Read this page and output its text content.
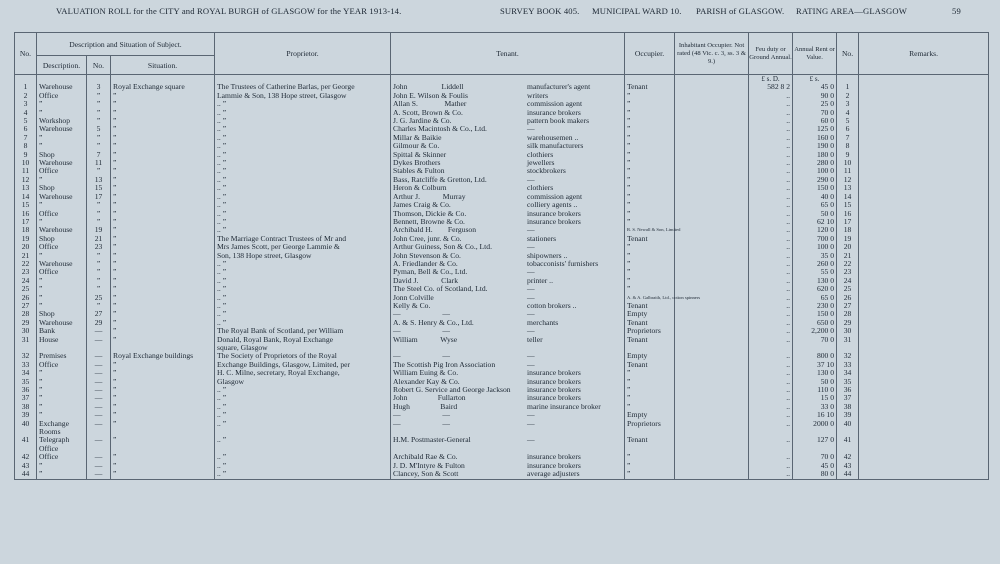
VALUATION ROLL for the CITY and ROYAL BURGH of GLASGOW for the YEAR 1913-14.	SURVEY BOOK 405. MUNICIPAL WARD 10. PARISH of GLASGOW. RATING AREA—GLASGOW	59
No.	Description and Situation of Subject.			Proprietor.	Tenant.	Occupier.	Inhabitant Occupier. Not rated (48 Vic. c. 3, ss. 3 & 9.)	Feu duty or Ground Annual.	Annual Rent or Value.	No.	Remarks.
	Description.	No.	Situation.								
								£ s. D.	£ s.		
1	Warehouse	3	Royal Exchange square	The Trustees of Catherine Barlas, per George	John                  Liddell manufacturer's agent	Tenant		582 8 2	45 0	1	
2	Office	”	”	Lammie & Son, 138 Hope street, Glasgow	John E. Wilson & Foulis writers	”		..	90 0	2	
3	”	”	”	.. ”	Allan S.              Mather commission agent	”		..	25 0	3	
4	”	”	”	.. ”	A. Scott, Brown & Co. insurance brokers	”		..	70 0	4	
5	Workshop	”	”	.. ”	J. G. Jardine & Co. pattern book makers	”		..	60 0	5	
6	Warehouse	5	”	.. ”	Charles Macintosh & Co., Ltd. —	”		..	125 0	6	
7	”	”	”	.. ”	Millar & Baikie warehousemen ..	”		..	160 0	7	
8	”	”	”	.. ”	Gilmour & Co. silk manufacturers	”		..	190 0	8	
9	Shop	7	”	.. ”	Spittal & Skinner clothiers	”		..	180 0	9	
10	Warehouse	11	”	.. ”	Dykes Brothers jewellers	”		..	280 0	10	
11	Office	”	”	.. ”	Stables & Fulton stockbrokers	”		..	100 0	11	
12	”	13	”	.. ”	Bass, Ratcliffe & Gretton, Ltd. —	”		..	290 0	12	
13	Shop	15	”	.. ”	Heron & Colburn clothiers	”		..	150 0	13	
14	Warehouse	17	”	.. ”	Arthur J.            Murray commission agent	”		..	40 0	14	
15	”	”	”	.. ”	James Craig & Co. colliery agents ..	”		..	65 0	15	
16	Office	”	”	.. ”	Thomson, Dickie & Co. insurance brokers	”		..	50 0	16	
17	”	”	”	.. ”	Bennett, Browne & Co. insurance brokers	”		..	62 10	17	
18	Warehouse	19	”	.. ”	Archibald H.        Ferguson —	R. S. Newall & Son, Limited		..	120 0	18	
19	Shop	21	”	The Marriage Contract Trustees of Mr and	John Cree, junr. & Co. stationers	Tenant		..	700 0	19	
20	Office	23	”	Mrs James Scott, per George Lammie &	Arthur Guiness, Son & Co., Ltd. —	”		..	100 0	20	
21	”	”	”	Son, 138 Hope street, Glasgow	John Stevenson & Co. shipowners ..	”		..	35 0	21	
22	Warehouse	”	”	.. ”	A. Friedlander & Co. tobacconists' furnishers	”		..	260 0	22	
23	Office	”	”	.. ”	Pyman, Bell & Co., Ltd. —	”		..	55 0	23	
24	”	”	”	.. ”	David J.            Clark printer ..	”		..	130 0	24	
25	”	”	”	.. ”	The Steel Co. of Scotland, Ltd. —	”		..	620 0	25	
26	”	25	”	.. ”	Jonn Colville —	A. & A. Galbraith, Ltd., cotton spinners		..	65 0	26	
27	”	”	”	.. ”	Kelly & Co. cotton brokers ..	Tenant		..	230 0	27	
28	Shop	27	”	.. ”	—                      — —	Empty		..	150 0	28	
29	Warehouse	29	”	.. ”	A. & S. Henry & Co., Ltd. merchants	Tenant		..	650 0	29	
30	Bank	—	”	The Royal Bank of Scotland, per William	—                      — —	Proprietors		..	2,200 0	30	
31	House	—	”	Donald, Royal Bank, Royal Exchange	William            Wyse teller	Tenant		..	70 0	31	
				square, Glasgow	

32	Premises	—	Royal Exchange buildings	The Society of Proprietors of the Royal	—                      — —	Empty		..	800 0	32	
33	Office	—	”	Exchange Buildings, Glasgow, Limited, per	The Scottish Pig Iron Association —	Tenant		..	37 10	33	
34	”	—	”	H. C. Milne, secretary, Royal Exchange,	William Euing & Co. insurance brokers	”		..	130 0	34	
35	”	—	”	Glasgow	Alexander Kay & Co. insurance brokers	”		..	50 0	35	
36	”	—	”	.. ”	Robert G. Service and George Jackson insurance brokers	”		..	110 0	36	
37	”	—	”	.. ”	John                Fullarton insurance brokers	”		..	15 0	37	
38	”	—	”	.. ”	Hugh                Baird marine insurance broker	”		..	33 0	38	
39	”	—	”	.. ”	—                      — —	Empty		..	16 10	39	
40	Exchange	—	”	.. ”	—                      — —	Proprietors		..	2000 0	40	
	Rooms				

41	Telegraph	—	”	.. ”	H.M. Postmaster-General —	Tenant		..	127 0	41	
	Office				

42	Office	—	”	.. ”	Archibald Rae & Co. insurance brokers	”		..	70 0	42	
43	”	—	”	.. ”	J. D. M'Intyre & Fulton insurance brokers	”		..	45 0	43	
44	”	—	”	.. ”	Clancey, Son & Scott average adjusters	”		..	80 0	44	
